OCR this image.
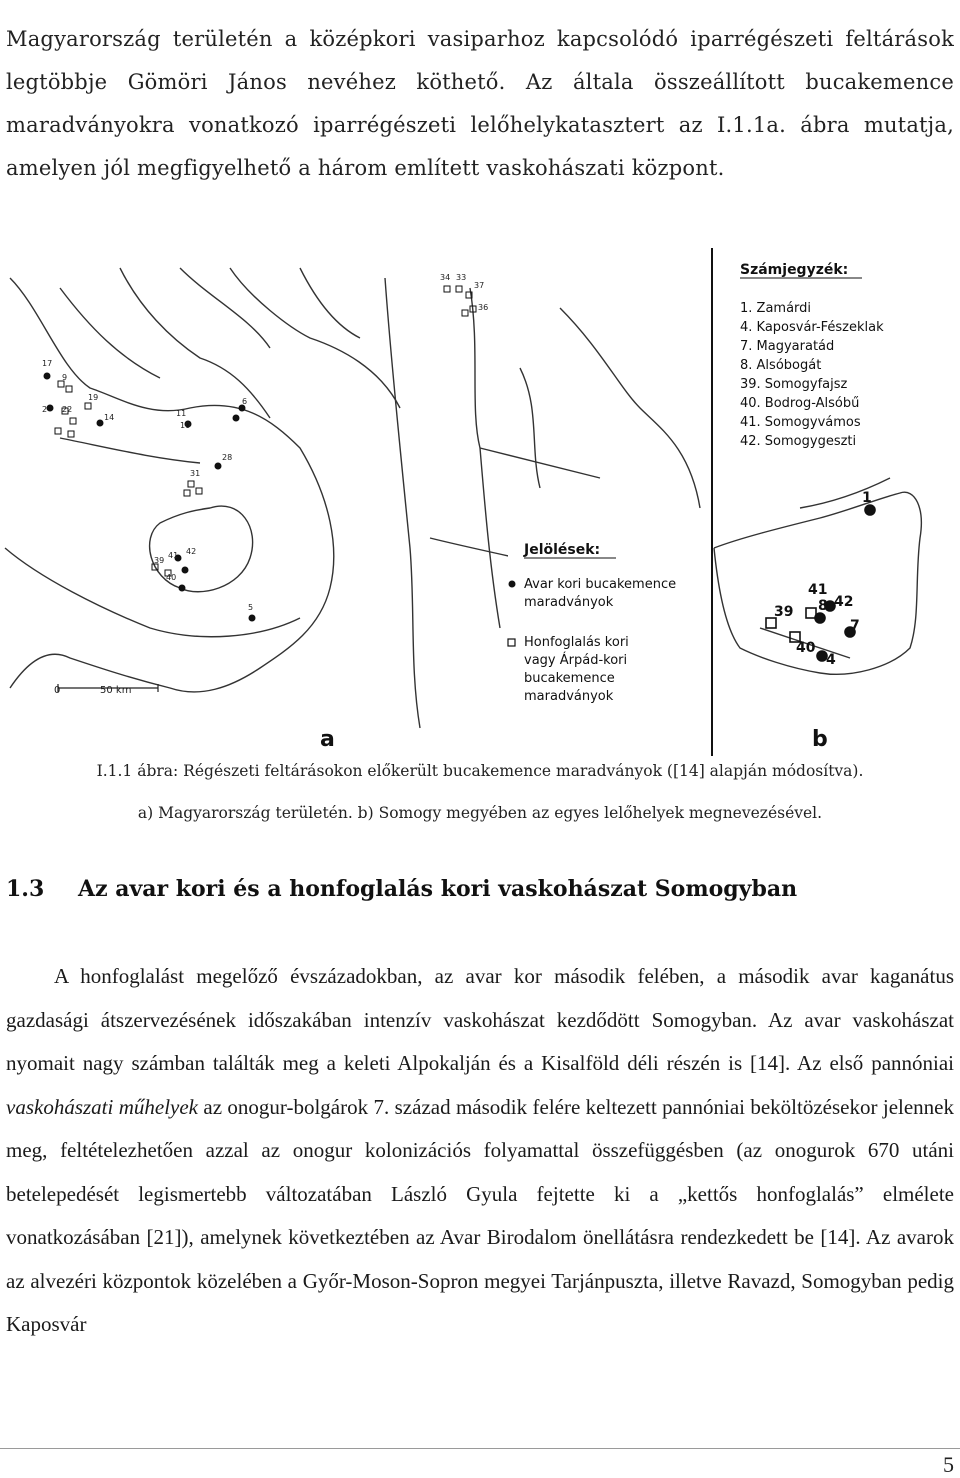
Magyarország területén a középkori vasiparhoz kapcsolódó iparrégészeti feltárások legtöbbje Gömöri János nevéhez köthető. Az általa összeállított bucakemence maradványokra vonatkozó iparrégészeti lelőhelykatasztert az I.1.1a. ábra mutatja, amelyen jól megfigyelhető a három említett vaskohászati központ.
17
9
2 22
19
14	11
10
6
28
31
41 42
39
40
5
34 33
37
36
0	50 km
a
Számjegyzék:
1. Zamárdi
4. Kaposvár-Fészeklak
7. Magyaratád
8. Alsóbogát
39. Somogyfajsz
40. Bodrog-Alsóbű
41. Somogyvámos
42. Somogygeszti
1
41
39 8 42
7
40
4
b
Jelölések:
Avar kori bucakemence
maradványok
Honfoglalás kori
vagy Árpád-kori
bucakemence
maradványok
I.1.1 ábra: Régészeti feltárásokon előkerült bucakemence maradványok ([14] alapján módosítva).
a) Magyarország területén. b) Somogy megyében az egyes lelőhelyek megnevezésével.
1.3 Az avar kori és a honfoglalás kori vaskohászat Somogyban
A honfoglalást megelőző évszázadokban, az avar kor második felében, a második avar kaganátus gazdasági átszervezésének időszakában intenzív vaskohászat kezdődött Somogyban. Az avar vaskohászat nyomait nagy számban találták meg a keleti Alpokalján és a Kisalföld déli részén is [14]. Az első pannóniai vaskohászati műhelyek az onogur-bolgárok 7. század második felére keltezett pannóniai beköltözésekor jelennek meg, feltételezhetően azzal az onogur kolonizációs folyamattal összefüggésben (az onogurok 670 utáni betelepedését legismertebb változatában László Gyula fejtette ki a „kettős honfoglalás” elmélete vonatkozásában [21]), amelynek következtében az Avar Birodalom önellátásra rendezkedett be [14]. Az avarok az alvezéri központok közelében a Győr-Moson-Sopron megyei Tarjánpuszta, illetve Ravazd, Somogyban pedig Kaposvár
5
